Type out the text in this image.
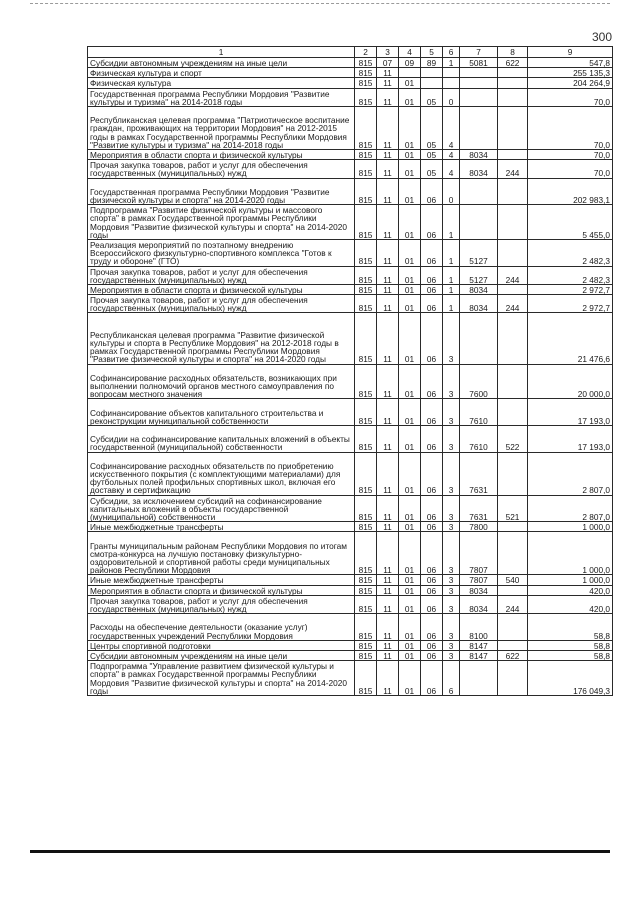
300
1	2	3	4	5	6	7	8	9
Субсидии автономным учреждениям на иные цели	815	07	09	89	1	5081	622	547,8
Физическая культура и спорт	815	11						255 135,3
Физическая культура	815	11	01					204 264,9
Государственная программа Республики Мордовия "Развитие культуры и туризма" на 2014-2018 годы	815	11	01	05	0			70,0
Республиканская целевая программа "Патриотическое воспитание граждан, проживающих на территории Мордовия" на 2012-2015 годы в рамках Государственной программы Республики Мордовия "Развитие культуры и туризма" на 2014-2018 годы	815	11	01	05	4			70,0
Мероприятия в области спорта и физической культуры	815	11	01	05	4	8034		70,0
Прочая закупка товаров, работ и услуг для обеспечения государственных (муниципальных) нужд	815	11	01	05	4	8034	244	70,0
Государственная программа Республики Мордовия "Развитие физической культуры и спорта" на 2014-2020 годы	815	11	01	06	0			202 983,1
Подпрограмма "Развитие физической культуры и массового спорта" в рамках Государственной программы Республики Мордовия "Развитие физической культуры и спорта" на 2014-2020 годы	815	11	01	06	1			5 455,0
Реализация мероприятий по поэтапному внедрению Всероссийского физкультурно-спортивного комплекса "Готов к труду и обороне" (ГТО)	815	11	01	06	1	5127		2 482,3
Прочая закупка товаров, работ и услуг для обеспечения государственных (муниципальных) нужд	815	11	01	06	1	5127	244	2 482,3
Мероприятия в области спорта и физической культуры	815	11	01	06	1	8034		2 972,7
Прочая закупка товаров, работ и услуг для обеспечения государственных (муниципальных) нужд	815	11	01	06	1	8034	244	2 972,7
Республиканская целевая программа "Развитие физической культуры и спорта в Республике Мордовия" на 2012-2018 годы в рамках Государственной программы Республики Мордовия "Развитие физической культуры и спорта" на 2014-2020 годы	815	11	01	06	3			21 476,6
Софинансирование расходных обязательств, возникающих при выполнении полномочий органов местного самоуправления по вопросам местного значения	815	11	01	06	3	7600		20 000,0
Софинансирование объектов капитального строительства и реконструкции муниципальной собственности	815	11	01	06	3	7610		17 193,0
Субсидии на софинансирование капитальных вложений в объекты государственной (муниципальной) собственности	815	11	01	06	3	7610	522	17 193,0
Софинансирование расходных обязательств по приобретению искусственного покрытия (с комплектующими материалами) для футбольных полей профильных спортивных школ, включая его доставку и сертификацию	815	11	01	06	3	7631		2 807,0
Субсидии, за исключением субсидий на софинансирование капитальных вложений в объекты государственной (муниципальной) собственности	815	11	01	06	3	7631	521	2 807,0
Иные межбюджетные трансферты	815	11	01	06	3	7800		1 000,0
Гранты муниципальным районам Республики Мордовия по итогам смотра-конкурса на лучшую постановку физкультурно-оздоровительной и спортивной работы среди муниципальных районов Республики Мордовия	815	11	01	06	3	7807		1 000,0
Иные межбюджетные трансферты	815	11	01	06	3	7807	540	1 000,0
Мероприятия в области спорта и физической культуры	815	11	01	06	3	8034		420,0
Прочая закупка товаров, работ и услуг для обеспечения государственных (муниципальных) нужд	815	11	01	06	3	8034	244	420,0
Расходы на обеспечение деятельности (оказание услуг) государственных учреждений Республики Мордовия	815	11	01	06	3	8100		58,8
Центры спортивной подготовки	815	11	01	06	3	8147		58,8
Субсидии автономным учреждениям на иные цели	815	11	01	06	3	8147	622	58,8
Подпрограмма "Управление развитием физической культуры и спорта" в рамках Государственной программы Республики Мордовия "Развитие физической культуры и спорта" на 2014-2020 годы	815	11	01	06	6			176 049,3
